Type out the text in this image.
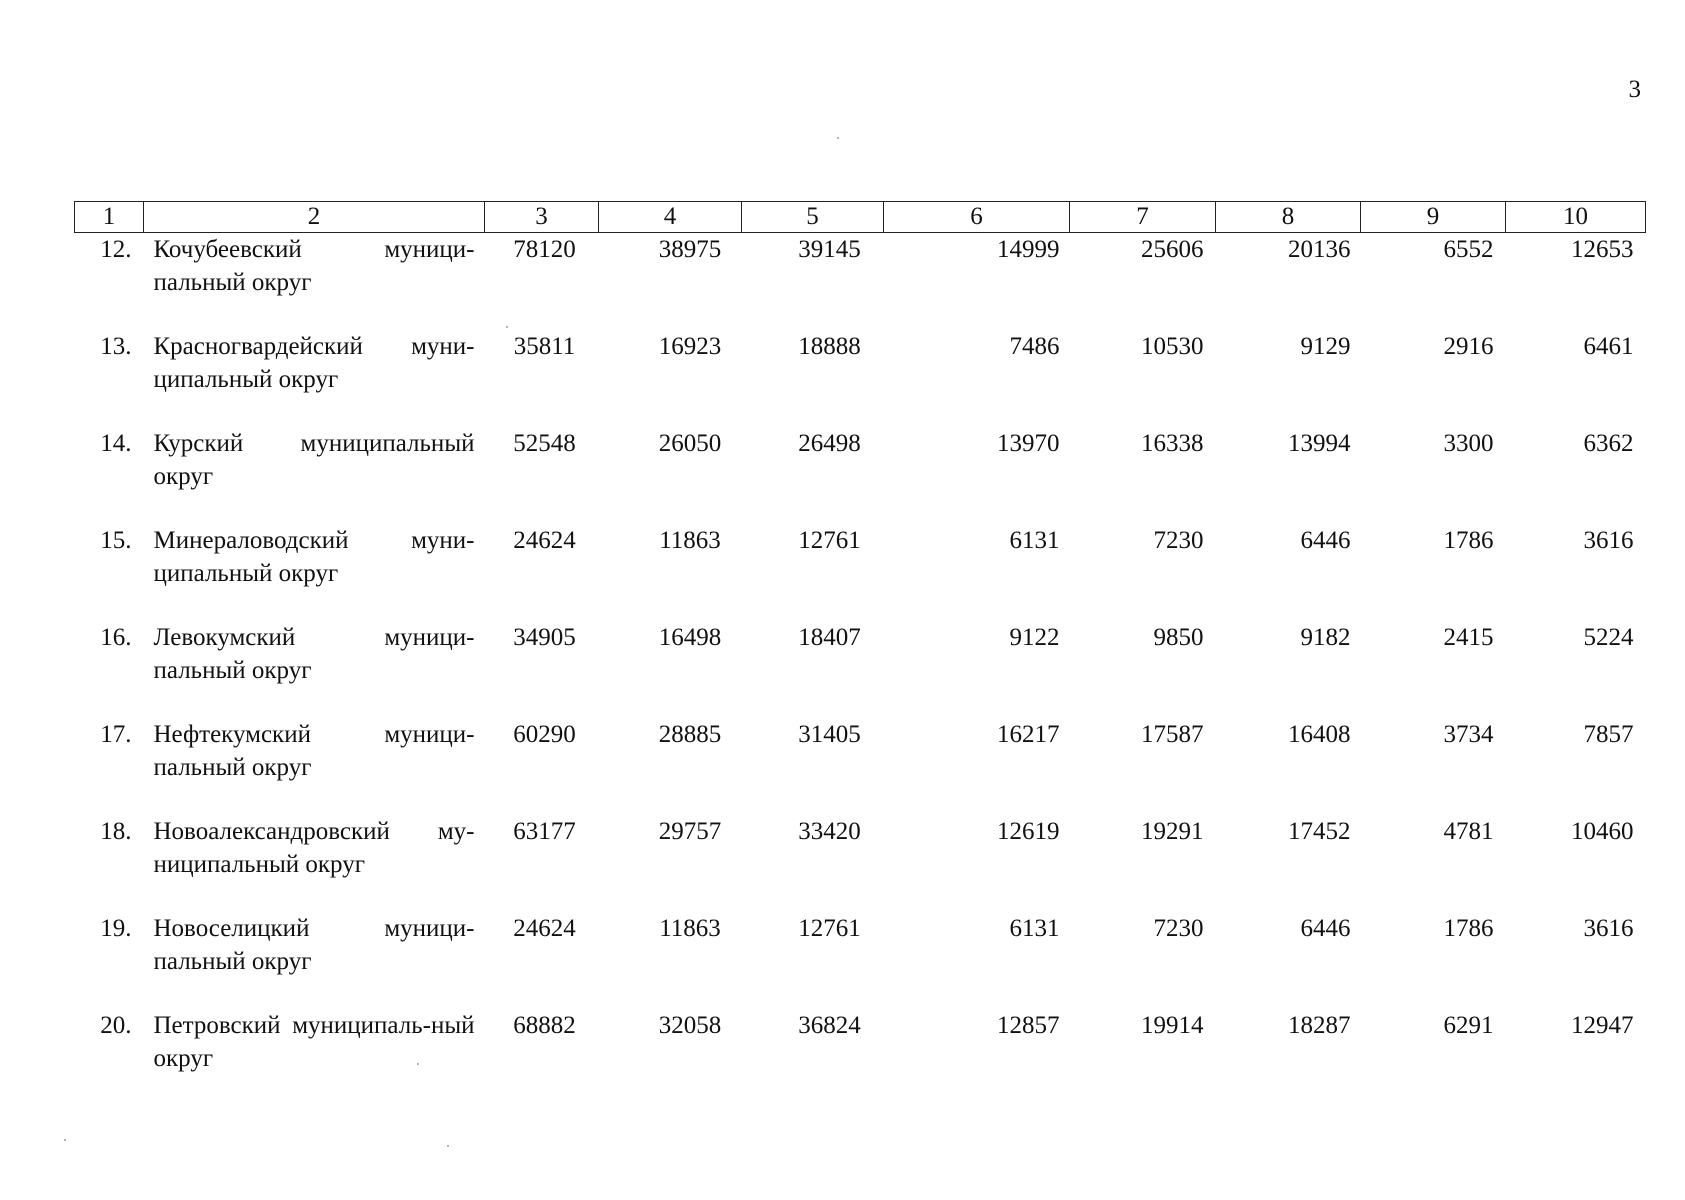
3
1	2	3	4	5	6	7	8	9	10
12.	Кочубеевский муници-пальный округ	78120	38975	39145	14999	25606	20136	6552	12653
13.	Красногвардейский муни-ципальный округ	35811	16923	18888	7486	10530	9129	2916	6461
14.	Курский муниципальный округ	52548	26050	26498	13970	16338	13994	3300	6362
15.	Минераловодский муни-ципальный округ	24624	11863	12761	6131	7230	6446	1786	3616
16.	Левокумский муници-пальный округ	34905	16498	18407	9122	9850	9182	2415	5224
17.	Нефтекумский муници-пальный округ	60290	28885	31405	16217	17587	16408	3734	7857
18.	Новоалександровский му-ниципальный округ	63177	29757	33420	12619	19291	17452	4781	10460
19.	Новоселицкий муници-пальный округ	24624	11863	12761	6131	7230	6446	1786	3616
20.	Петровский муниципаль-ный округ	68882	32058	36824	12857	19914	18287	6291	12947
